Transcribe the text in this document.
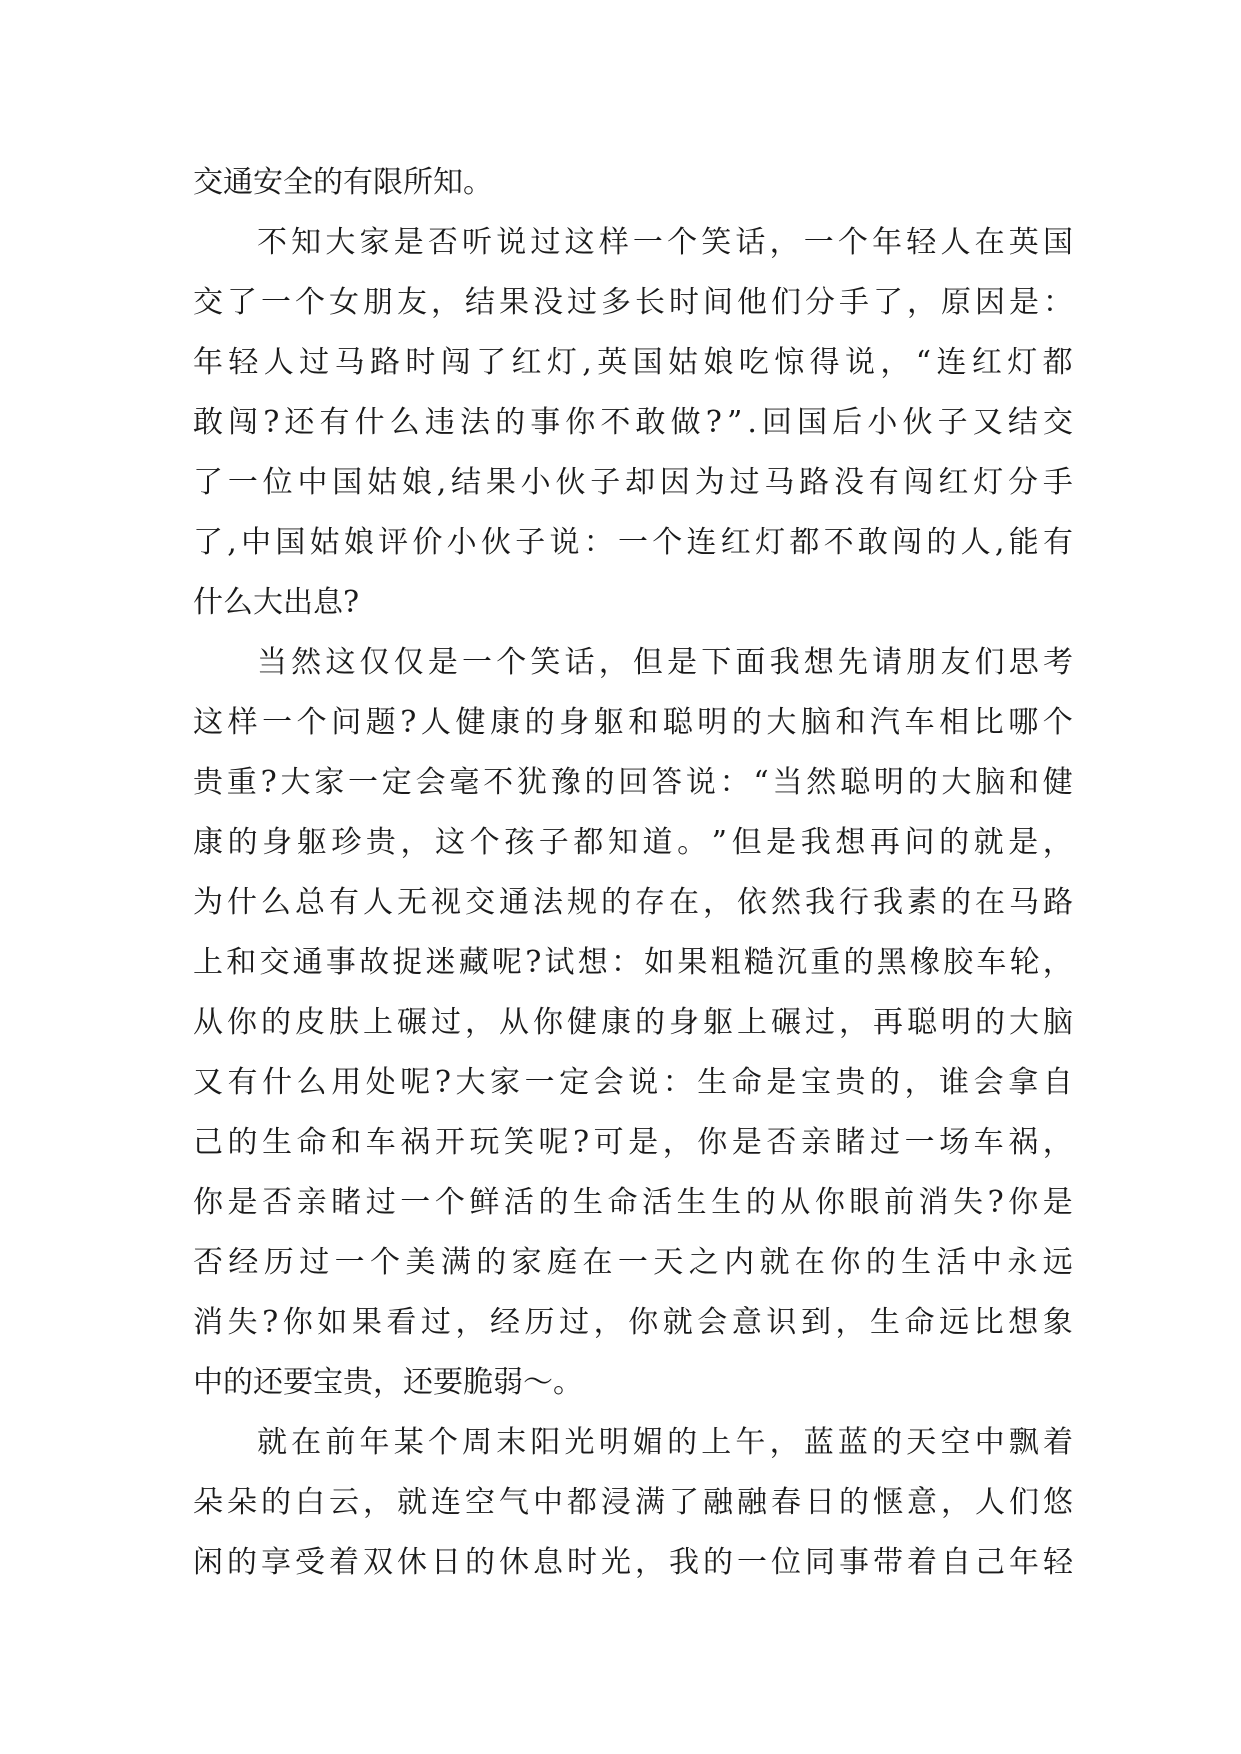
交通安全的有限所知。
不 知 大 家 是 否 听 说 过 这 样 一 个 笑 话 ， 一 个 年 轻 人 在 英 国
交 了 一 个 女 朋 友 ， 结 果 没 过 多 长 时 间 他 们 分 手 了 ， 原 因 是 ：
年 轻 人 过 马 路 时 闯 了 红 灯 , 英 国 姑 娘 吃 惊 得 说 ， “ 连 红 灯 都
敢 闯 ? 还 有 什 么 违 法 的 事 你 不 敢 做 ? ” . 回 国 后 小 伙 子 又 结 交
了 一 位 中 国 姑 娘 , 结 果 小 伙 子 却 因 为 过 马 路 没 有 闯 红 灯 分 手
了 , 中 国 姑 娘 评 价 小 伙 子 说 ： 一 个 连 红 灯 都 不 敢 闯 的 人 , 能 有
什么大出息?
当 然 这 仅 仅 是 一 个 笑 话 ， 但 是 下 面 我 想 先 请 朋 友 们 思 考
这 样 一 个 问 题 ? 人 健 康 的 身 躯 和 聪 明 的 大 脑 和 汽 车 相 比 哪 个
贵 重 ? 大 家 一 定 会 毫 不 犹 豫 的 回 答 说 ： “ 当 然 聪 明 的 大 脑 和 健
康 的 身 躯 珍 贵 ， 这 个 孩 子 都 知 道 。 ” 但 是 我 想 再 问 的 就 是 ，
为 什 么 总 有 人 无 视 交 通 法 规 的 存 在 ， 依 然 我 行 我 素 的 在 马 路
上 和 交 通 事 故 捉 迷 藏 呢 ? 试 想 ： 如 果 粗 糙 沉 重 的 黑 橡 胶 车 轮 ，
从 你 的 皮 肤 上 碾 过 ， 从 你 健 康 的 身 躯 上 碾 过 ， 再 聪 明 的 大 脑
又 有 什 么 用 处 呢 ? 大 家 一 定 会 说 ： 生 命 是 宝 贵 的 ， 谁 会 拿 自
己 的 生 命 和 车 祸 开 玩 笑 呢 ? 可 是 ， 你 是 否 亲 睹 过 一 场 车 祸 ，
你 是 否 亲 睹 过 一 个 鲜 活 的 生 命 活 生 生 的 从 你 眼 前 消 失 ? 你 是
否 经 历 过 一 个 美 满 的 家 庭 在 一 天 之 内 就 在 你 的 生 活 中 永 远
消 失 ? 你 如 果 看 过 ， 经 历 过 ， 你 就 会 意 识 到 ， 生 命 远 比 想 象
中的还要宝贵，还要脆弱～。
就 在 前 年 某 个 周 末 阳 光 明 媚 的 上 午 ， 蓝 蓝 的 天 空 中 飘 着
朵 朵 的 白 云 ， 就 连 空 气 中 都 浸 满 了 融 融 春 日 的 惬 意 ， 人 们 悠
闲 的 享 受 着 双 休 日 的 休 息 时 光 ， 我 的 一 位 同 事 带 着 自 己 年 轻
